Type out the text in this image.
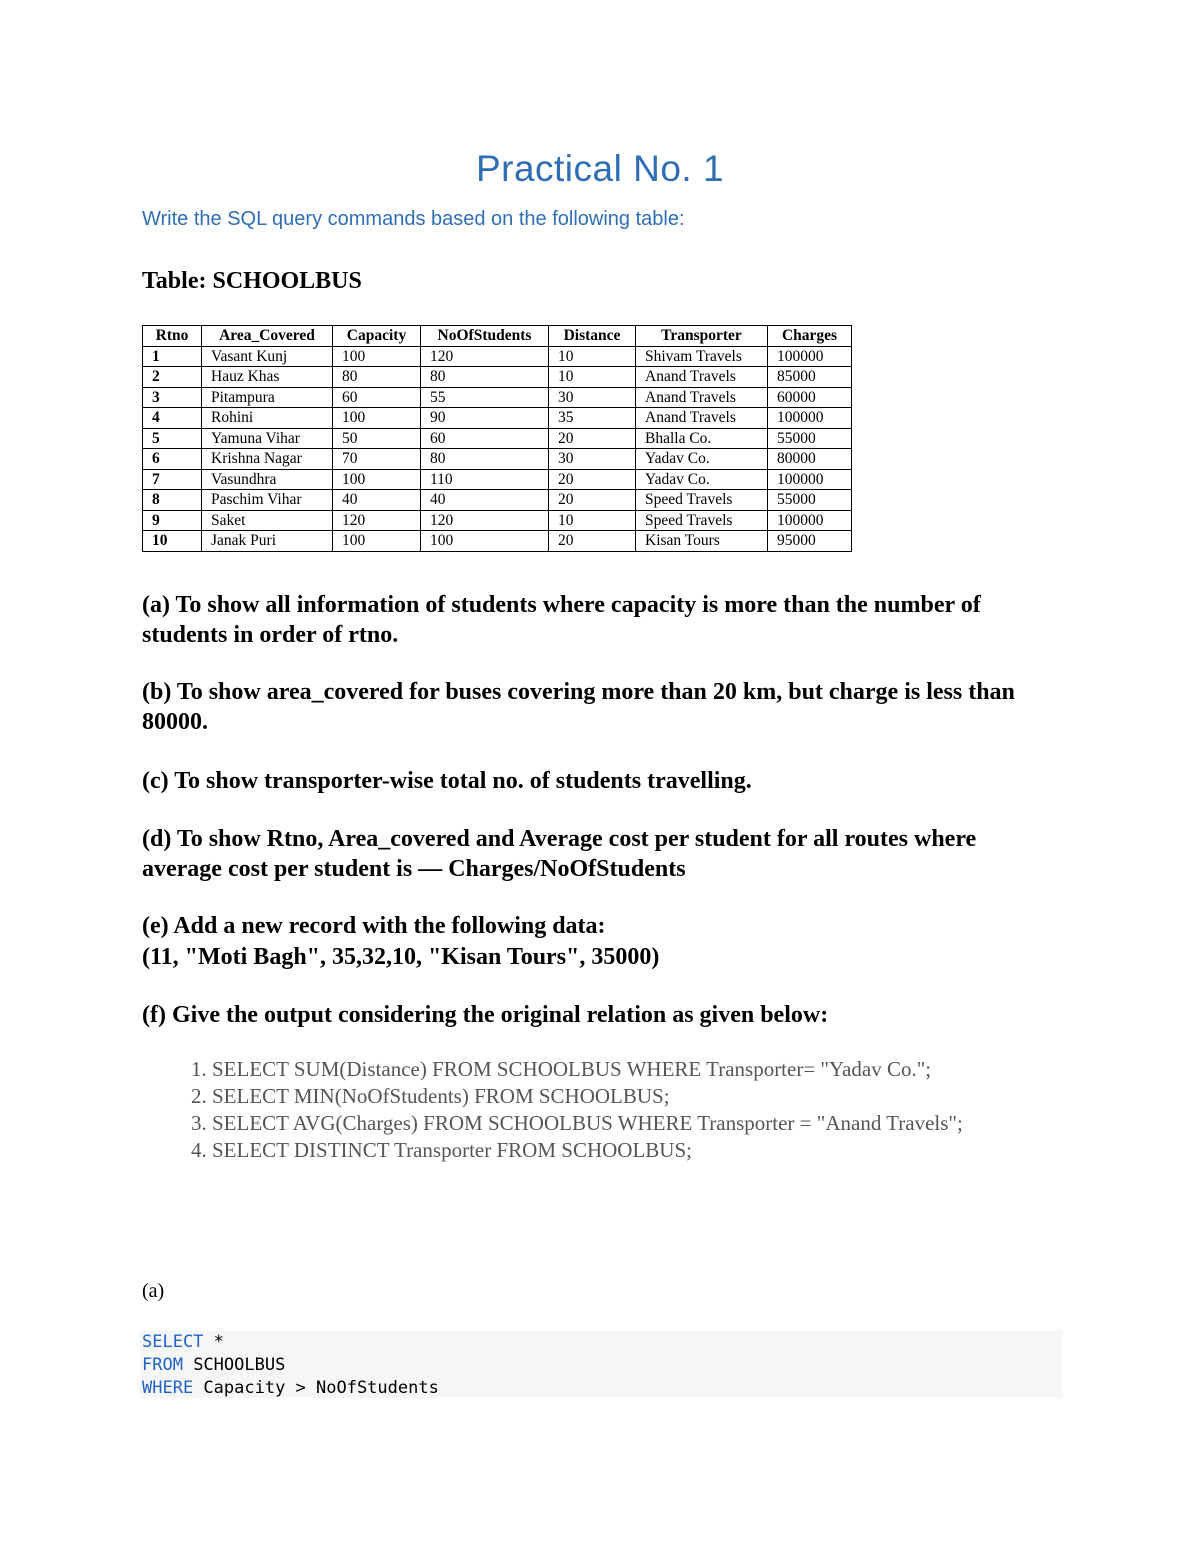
Practical No. 1
Write the SQL query commands based on the following table:
Table: SCHOOLBUS
Rtno	Area_Covered	Capacity	NoOfStudents	Distance	Transporter	Charges
1	Vasant Kunj	100	120	10	Shivam Travels	100000
2	Hauz Khas	80	80	10	Anand Travels	85000
3	Pitampura	60	55	30	Anand Travels	60000
4	Rohini	100	90	35	Anand Travels	100000
5	Yamuna Vihar	50	60	20	Bhalla Co.	55000
6	Krishna Nagar	70	80	30	Yadav Co.	80000
7	Vasundhra	100	110	20	Yadav Co.	100000
8	Paschim Vihar	40	40	20	Speed Travels	55000
9	Saket	120	120	10	Speed Travels	100000
10	Janak Puri	100	100	20	Kisan Tours	95000
(a) To show all information of students where capacity is more than the number of students in order of rtno.
(b) To show area_covered for buses covering more than 20 km, but charge is less than 80000.
(c) To show transporter-wise total no. of students travelling.
(d) To show Rtno, Area_covered and Average cost per student for all routes where average cost per student is — Charges/NoOfStudents
(e) Add a new record with the following data:
(11, "Moti Bagh", 35,32,10, "Kisan Tours", 35000)
(f) Give the output considering the original relation as given below:
1. SELECT SUM(Distance) FROM SCHOOLBUS WHERE Transporter= "Yadav Co.";
2. SELECT MIN(NoOfStudents) FROM SCHOOLBUS;
3. SELECT AVG(Charges) FROM SCHOOLBUS WHERE Transporter = "Anand Travels";
4. SELECT DISTINCT Transporter FROM SCHOOLBUS;
(a)
SELECT *
FROM SCHOOLBUS
WHERE Capacity > NoOfStudents
